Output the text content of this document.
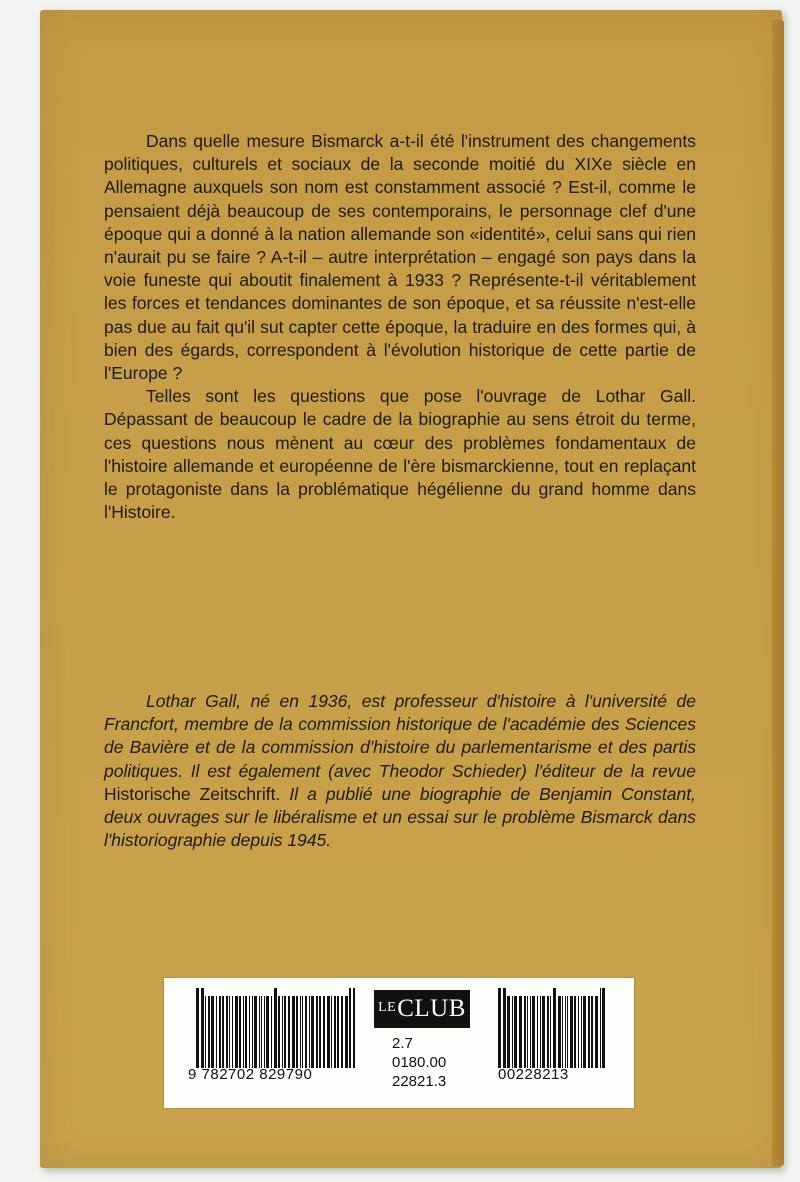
Dans quelle mesure Bismarck a-t-il été l'instrument des changements politiques, culturels et sociaux de la seconde moitié du XIXe siècle en Allemagne auxquels son nom est constamment associé ? Est-il, comme le pensaient déjà beaucoup de ses contemporains, le personnage clef d'une époque qui a donné à la nation allemande son «identité», celui sans qui rien n'aurait pu se faire ? A-t-il – autre interprétation – engagé son pays dans la voie funeste qui aboutit finalement à 1933 ? Représente-t-il véritablement les forces et tendances dominantes de son époque, et sa réussite n'est-elle pas due au fait qu'il sut capter cette époque, la traduire en des formes qui, à bien des égards, correspondent à l'évolution historique de cette partie de l'Europe ?

Telles sont les questions que pose l'ouvrage de Lothar Gall. Dépassant de beaucoup le cadre de la biographie au sens étroit du terme, ces questions nous mènent au cœur des problèmes fondamentaux de l'histoire allemande et européenne de l'ère bismarckienne, tout en replaçant le protagoniste dans la problématique hégélienne du grand homme dans l'Histoire.

Lothar Gall, né en 1936, est professeur d'histoire à l'université de Francfort, membre de la commission historique de l'académie des Sciences de Bavière et de la commission d'histoire du parlementarisme et des partis politiques. Il est également (avec Theodor Schieder) l'éditeur de la revue Historische Zeitschrift. Il a publié une biographie de Benjamin Constant, deux ouvrages sur le libéralisme et un essai sur le problème Bismarck dans l'historiographie depuis 1945.

9 782702 829790
LE CLUB
2.7
0180.00
22821.3	00228213
